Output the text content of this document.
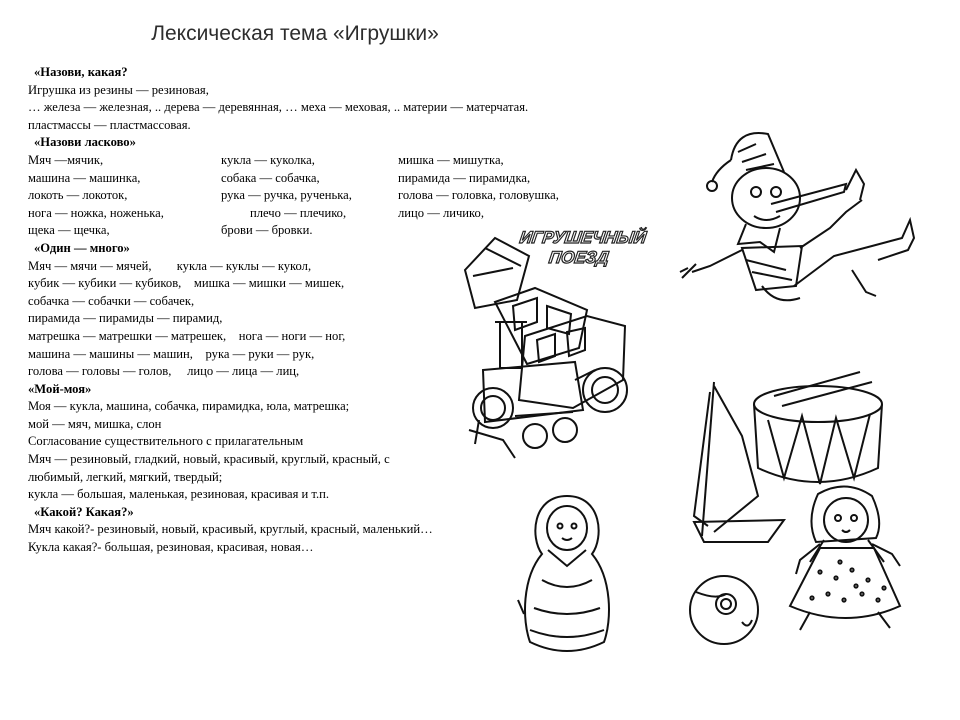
Лексическая тема «Игрушки»
«Назови, какая?
Игрушка из резины — резиновая,
… железа — железная, .. дерева — деревянная, … меха — меховая, .. материи — матерчатая.
пластмассы — пластмассовая.
«Назови ласково»
Мяч —мячик,	кукла — куколка,	мишка — мишутка,
машина — машинка,	собака — собачка,	пирамида — пирамидка,
локоть — локоток,	рука — ручка, рученька,	голова — головка, головушка,
нога — ножка, ноженька,	плечо — плечико,	лицо — личико,
щека — щечка,	брови — бровки.
«Один — много»
Мяч — мячи — мячей,        кукла — куклы — кукол,
кубик — кубики — кубиков,    мишка — мишки — мишек,
собачка — собачки — собачек,
пирамида — пирамиды — пирамид,
матрешка — матрешки — матрешек,    нога — ноги — ног,
машина — машины — машин,    рука — руки — рук,
голова — головы — голов,     лицо — лица — лиц,
«Мой-моя»
Моя — кукла, машина, собачка, пирамидка, юла, матрешка;
мой — мяч, мишка, слон
Согласование существительного с прилагательным
Мяч — резиновый, гладкий, новый, красивый, круглый, красный, с
любимый, легкий, мягкий, твердый;
кукла — большая, маленькая, резиновая, красивая и т.п.
«Какой? Какая?»
Мяч какой?- резиновый, новый, красивый, круглый, красный, маленький…
Кукла какая?- большая, резиновая, красивая, новая…
ИГРУШЕЧНЫЙ
ПОЕЗД
